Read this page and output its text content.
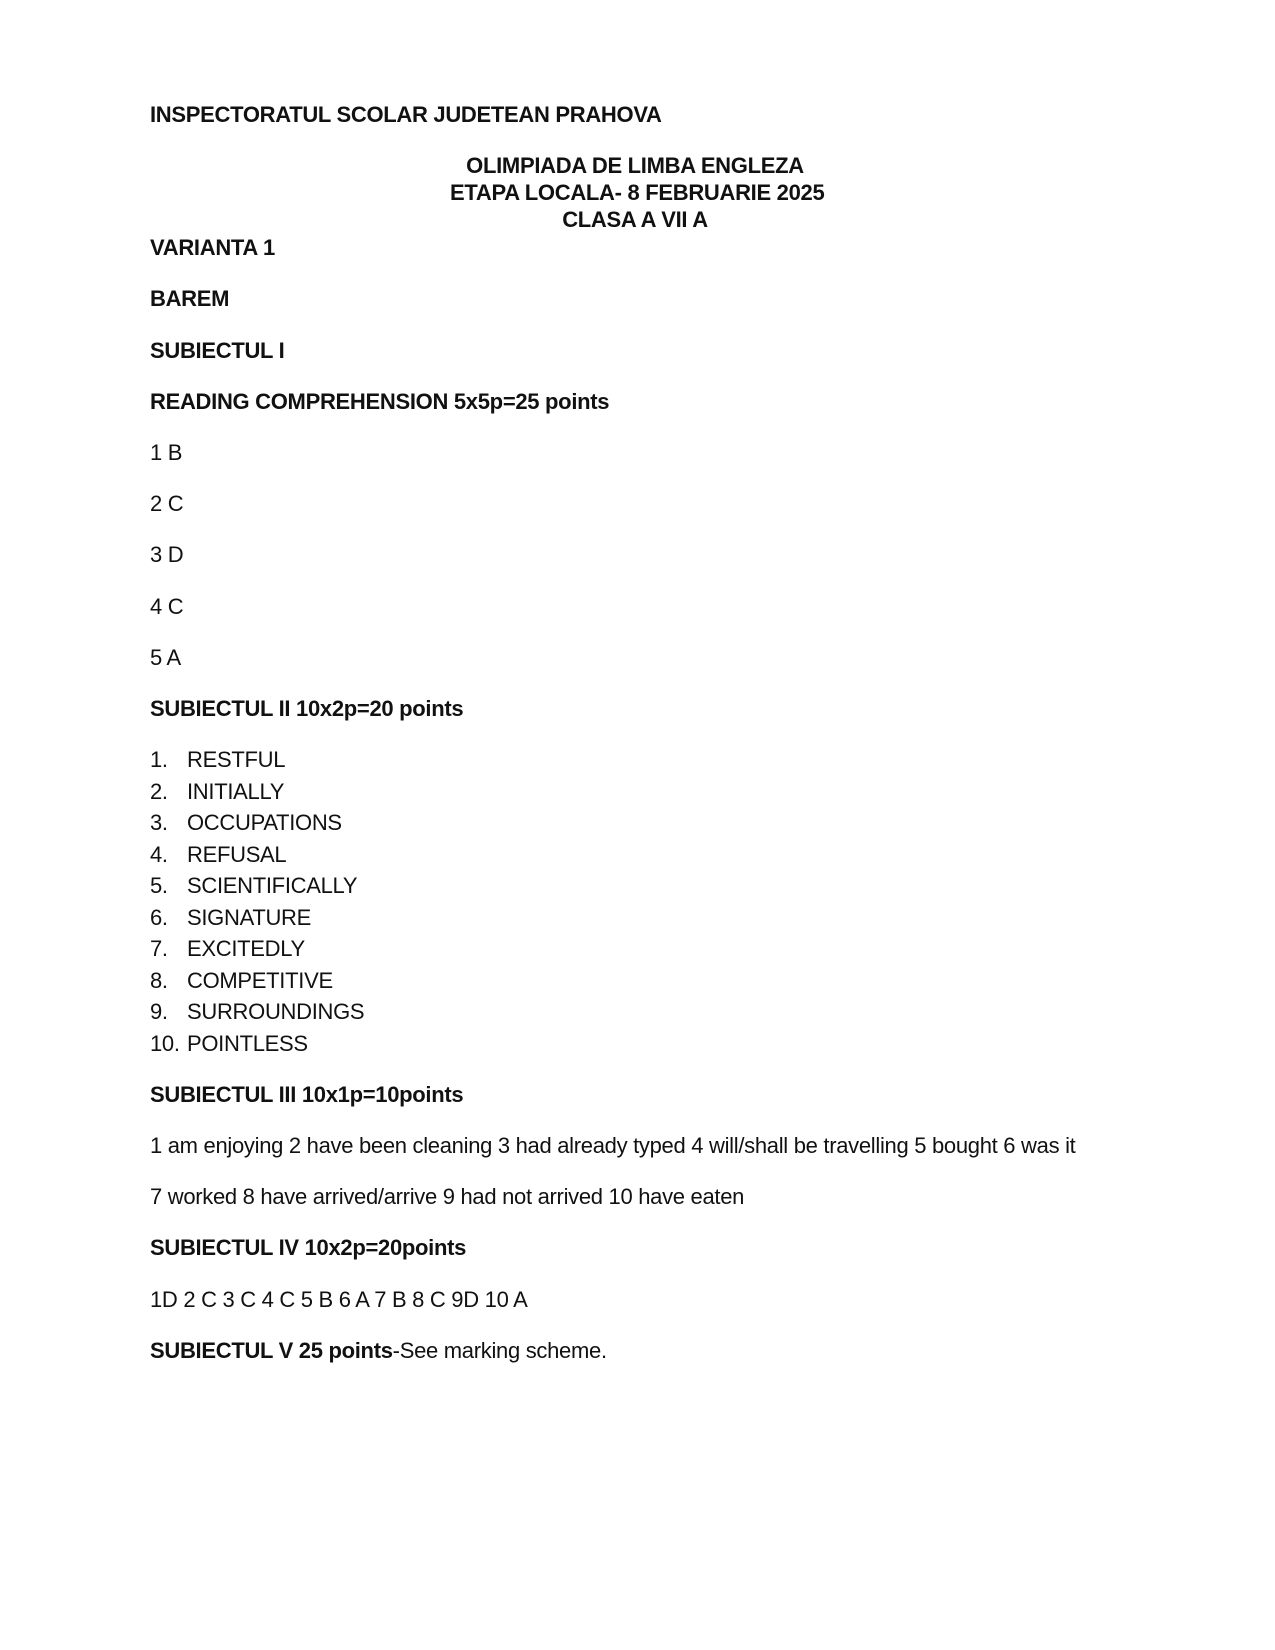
INSPECTORATUL SCOLAR JUDETEAN PRAHOVA
OLIMPIADA DE LIMBA ENGLEZA
ETAPA LOCALA- 8 FEBRUARIE 2025
CLASA A VII A
VARIANTA 1
BAREM
SUBIECTUL I
READING COMPREHENSION 5x5p=25 points
1 B
2 C
3 D
4 C
5 A
SUBIECTUL II 10x2p=20 points
1. RESTFUL
2. INITIALLY
3. OCCUPATIONS
4. REFUSAL
5. SCIENTIFICALLY
6. SIGNATURE
7. EXCITEDLY
8. COMPETITIVE
9. SURROUNDINGS
10. POINTLESS
SUBIECTUL III 10x1p=10points
1 am enjoying 2 have been cleaning 3 had already typed 4 will/shall be travelling 5 bought 6 was it
7 worked 8 have arrived/arrive 9 had not arrived 10 have eaten
SUBIECTUL IV 10x2p=20points
1D 2 C 3 C 4 C 5 B 6 A 7 B 8 C 9D 10 A
SUBIECTUL V 25 points-See marking scheme.
